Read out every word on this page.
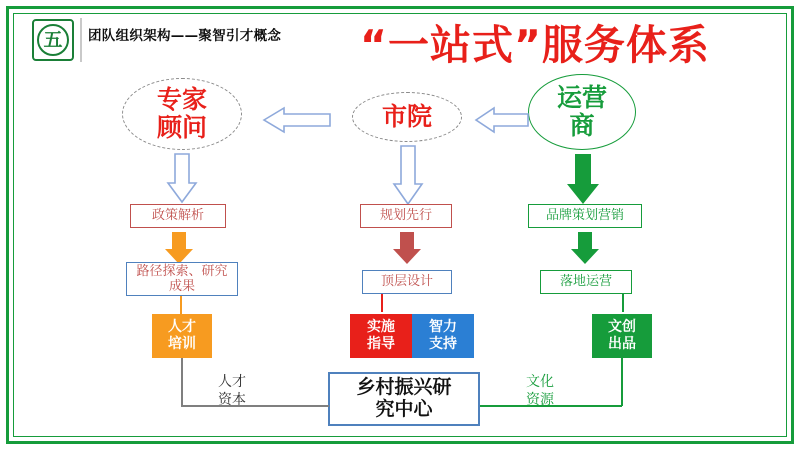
五	团队组织架构——聚智引才概念 “一站式”服务体系
专家
顾问	市院
运营
商
政策解析	规划先行	品牌策划营销
路径探索、研究
成果	顶层设计	落地运营
人才
培训
实施
指导
智力
支持
文创
出品
乡村振兴研
究中心
人才
资本
文化
资源
